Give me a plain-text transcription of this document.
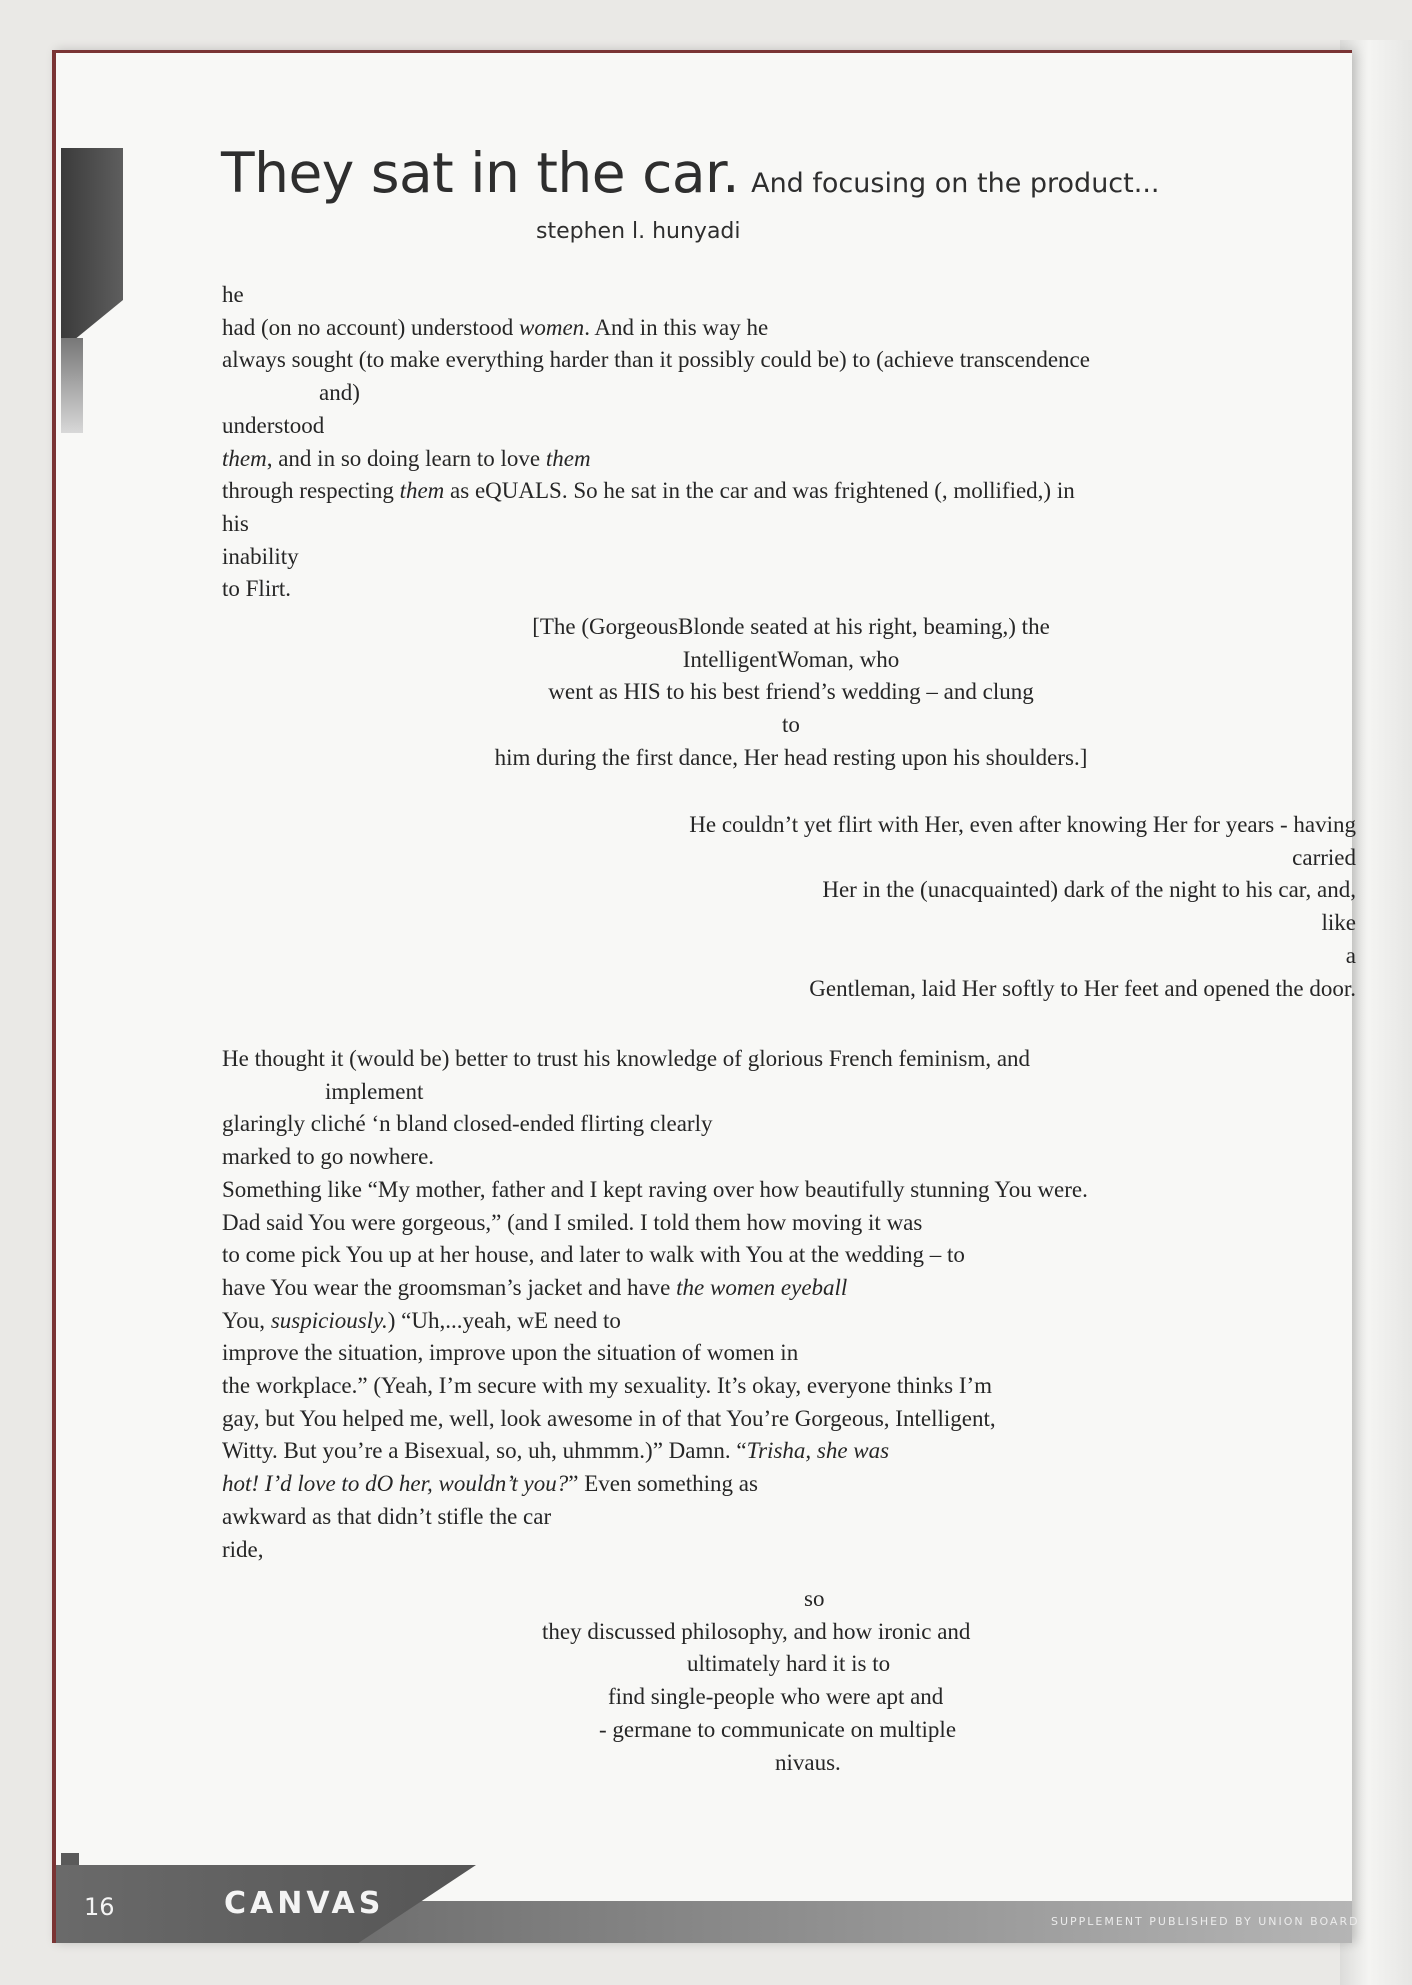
They sat in the car. And focusing on the product...
stephen l. hunyadi
he
had (on no account) understood women. And in this way he
always sought (to make everything harder than it possibly could be) to (achieve transcendence
and)
understood
them, and in so doing learn to love them
through respecting them as eQUALS. So he sat in the car and was frightened (, mollified,) in
his
inability
to Flirt.
[The (GorgeousBlonde seated at his right, beaming,) the
IntelligentWoman, who
went as HIS to his best friend’s wedding – and clung
to
him during the first dance, Her head resting upon his shoulders.]
He couldn’t yet flirt with Her, even after knowing Her for years - having
carried
Her in the (unacquainted) dark of the night to his car, and,
like
a
Gentleman, laid Her softly to Her feet and opened the door.
He thought it (would be) better to trust his knowledge of glorious French feminism, and
implement
glaringly cliché ‘n bland closed-ended flirting clearly
marked to go nowhere.
Something like “My mother, father and I kept raving over how beautifully stunning You were.
Dad said You were gorgeous,” (and I smiled. I told them how moving it was
to come pick You up at her house, and later to walk with You at the wedding – to
have You wear the groomsman’s jacket and have the women eyeball
You, suspiciously.) “Uh,...yeah, wE need to
improve the situation, improve upon the situation of women in
the workplace.” (Yeah, I’m secure with my sexuality. It’s okay, everyone thinks I’m
gay, but You helped me, well, look awesome in of that You’re Gorgeous, Intelligent,
Witty. But you’re a Bisexual, so, uh, uhmmm.)” Damn. “Trisha, she was
hot! I’d love to dO her, wouldn’t you?” Even something as
awkward as that didn’t stifle the car
ride,
so
they discussed philosophy, and how ironic and
ultimately hard it is to
find single-people who were apt and
- germane to communicate on multiple
nivaus.
16	CANVAS
SUPPLEMENT PUBLISHED BY UNION BOARD
